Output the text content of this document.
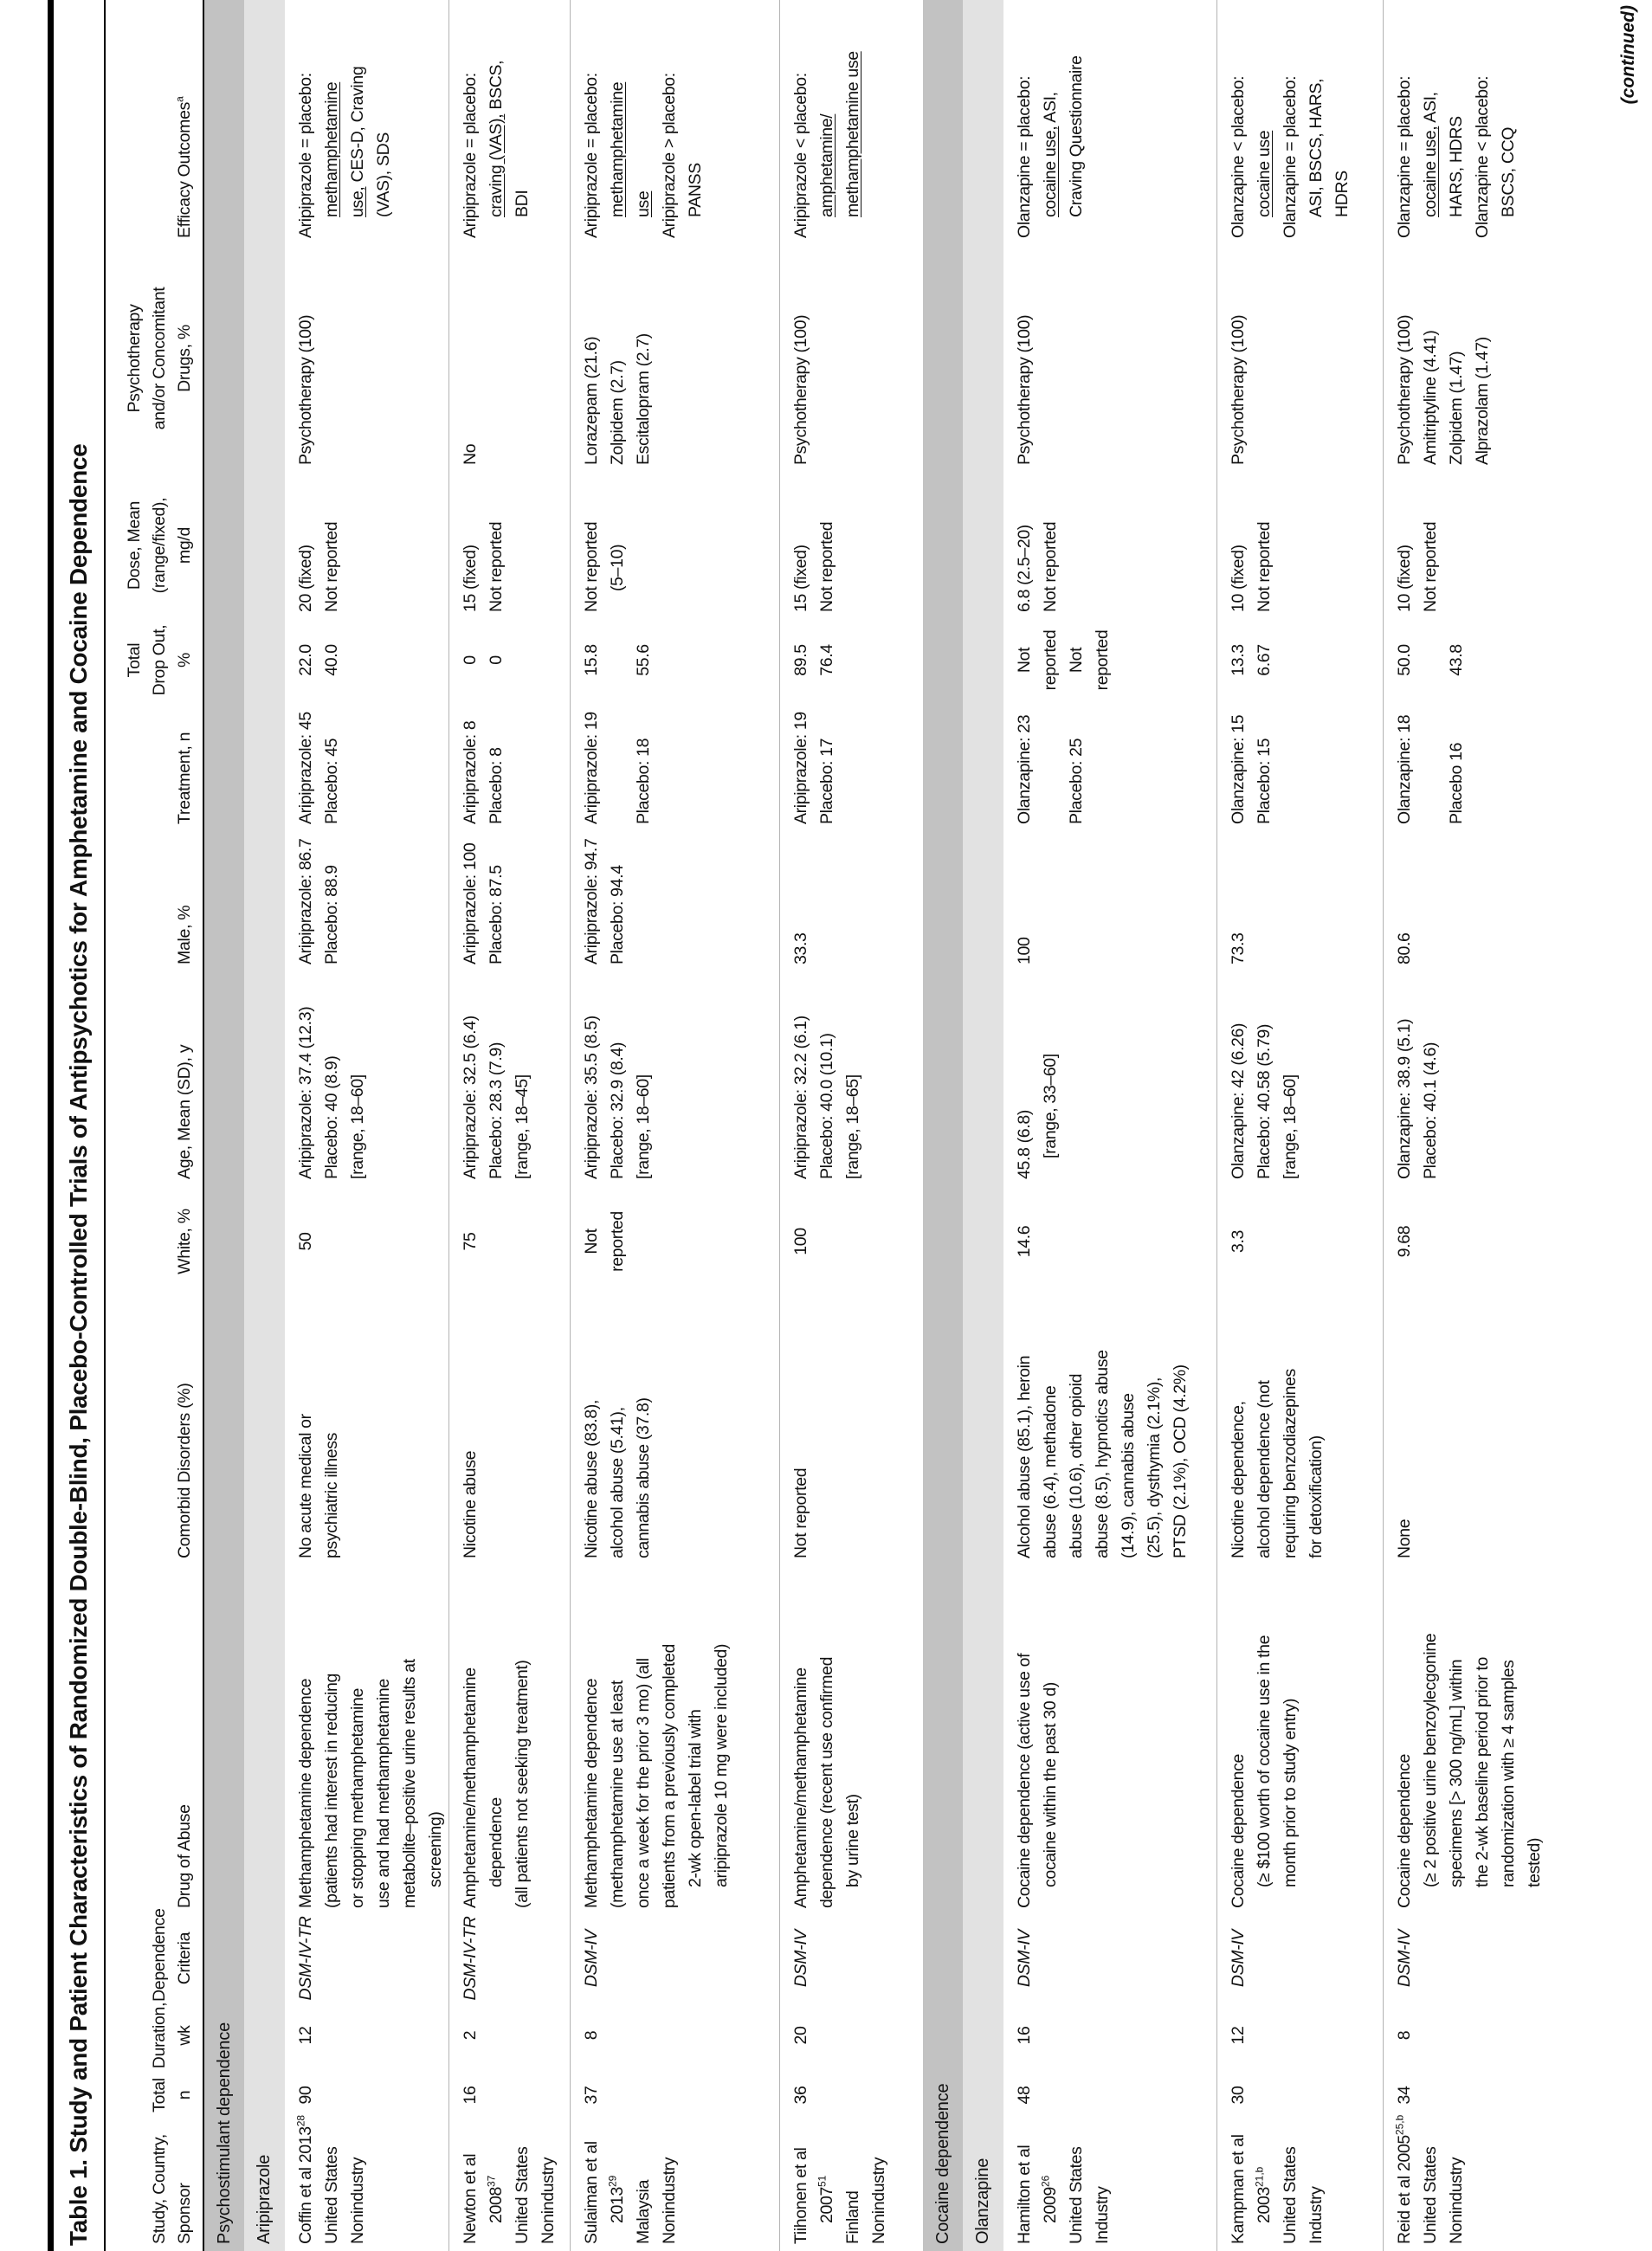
Table 1. Study and Patient Characteristics of Randomized Double-Blind, Placebo-Controlled Trials of Antipsychotics for Amphetamine and Cocaine Dependence	Study, Country, Sponsor
Total n
Duration, wk
Dependence Criteria
Drug of Abuse
Comorbid Disorders (%)
White, %
Age, Mean (SD), y
Male, %
Treatment, n
Total Drop Out, %
Dose, Mean (range/fixed), mg/d
Psychotherapy and/or Concomitant Drugs, %
Efficacy Outcomes$^a$
Psychostimulant dependence Aripiprazole Coffin et al 2013$^{28}$
United States Nonindustry
90
12
DSM-IV-TR
Methamphetamine dependence (patients had interest in reducing or stopping methamphetamine use and had methamphetamine metabolite–positive urine results at screening)
No acute medical or psychiatric illness
50
Aripiprazole: 37.4 (12.3) Placebo: 40 (8.9) [range, 18–60]
Aripiprazole: 86.7 Placebo: 88.9
Aripiprazole: 45 Placebo: 45
22.0 40.0
20 (fixed) Not reported
Psychotherapy (100)
Aripiprazole = placebo: methamphetamine use, CES-D, Craving (VAS), SDS
Newton et al 2008$^{37}$ United States Nonindustry
16
2
DSM-IV-TR
Amphetamine/methamphetamine dependence (all patients not seeking treatment)
Nicotine abuse
75
Aripiprazole: 32.5 (6.4) Placebo: 28.3 (7.9) [range, 18–45]
Aripiprazole: 100 Placebo: 87.5
Aripiprazole: 8 Placebo: 8
0 0
15 (fixed) Not reported
No
Aripiprazole = placebo: craving (VAS), BSCS,
BDI
Sulaiman et al 2013$^{29}$ Malaysia Nonindustry
37
8
DSM-IV
Methamphetamine dependence (methamphetamine use at least once a week for the prior 3 mo) (all patients from a previously completed 2-wk open-label trial with aripiprazole 10 mg were included)
Nicotine abuse (83.8), alcohol abuse (5.41), cannabis abuse (37.8)
Not reported
Aripiprazole: 35.5 (8.5) Placebo: 32.9 (8.4) [range, 18–60]
Aripiprazole: 94.7 Placebo: 94.4
Aripiprazole: 19
Placebo: 18
15.8
55.6
Not reported (5–10)
Lorazepam (21.6) Zolpidem (2.7) Escitalopram (2.7)
Aripiprazole = placebo: methamphetamine use Aripiprazole > placebo: PANSS
Tiihonen et al 2007$^{51}$
Finland Nonindustry
36
20
DSM-IV
Amphetamine/methamphetamine dependence (recent use confirmed by urine test)
Not reported
100
Aripiprazole: 32.2 (6.1) Placebo: 40.0 (10.1) [range, 18–65]
33.3
Aripiprazole: 19 Placebo: 17
89.5 76.4
15 (fixed) Not reported
Psychotherapy (100)
Aripiprazole < placebo: amphetamine/ methamphetamine use
Cocaine dependence Olanzapine Hamilton et al 2009$^{26}$ United States Industry
48
16
DSM-IV
Cocaine dependence (active use of cocaine within the past 30 d)
Alcohol abuse (85.1), heroin abuse (6.4), methadone abuse (10.6), other opioid abuse (8.5), hypnotics abuse (14.9), cannabis abuse (25.5), dysthymia (2.1%), PTSD (2.1%), OCD (4.2%)
14.6
45.8 (6.8) [range, 33–60]
100
Olanzapine: 23
Placebo: 25
Not reported Not reported
6.8 (2.5–20) Not reported
Psychotherapy (100)
Olanzapine = placebo: cocaine use, ASI, Craving Questionnaire
Kampman et al 2003$^{21,b}$ United States Industry
30
12
DSM-IV
Cocaine dependence (≥ $100 worth of cocaine use in the month prior to study entry)
Nicotine dependence, alcohol dependence (not requiring benzodiazepines for detoxification)
3.3
Olanzapine: 42 (6.26) Placebo: 40.58 (5.79) [range, 18–60]
73.3
Olanzapine: 15 Placebo: 15
13.3 6.67
10 (fixed) Not reported
Psychotherapy (100)
Olanzapine < placebo: cocaine use Olanzapine = placebo: ASI, BSCS, HARS, HDRS
Reid et al 2005$^{25,b}$
United States Nonindustry
34
8
DSM-IV
Cocaine dependence (≥ 2 positive urine benzoylecgonine specimens [> 300 ng/mL] within the 2-wk baseline period prior to randomization with ≥ 4 samples tested)
None
9.68
Olanzapine: 38.9 (5.1) Placebo: 40.1 (4.6)
80.6
Olanzapine: 18
Placebo 16
50.0
43.8
10 (fixed) Not reported
Psychotherapy (100) Amitriptyline (4.41) Zolpidem (1.47) Alprazolam (1.47)
Olanzapine = placebo: cocaine use, ASI,
HARS, HDRS Olanzapine < placebo: BSCS, CCQ
(continued)
